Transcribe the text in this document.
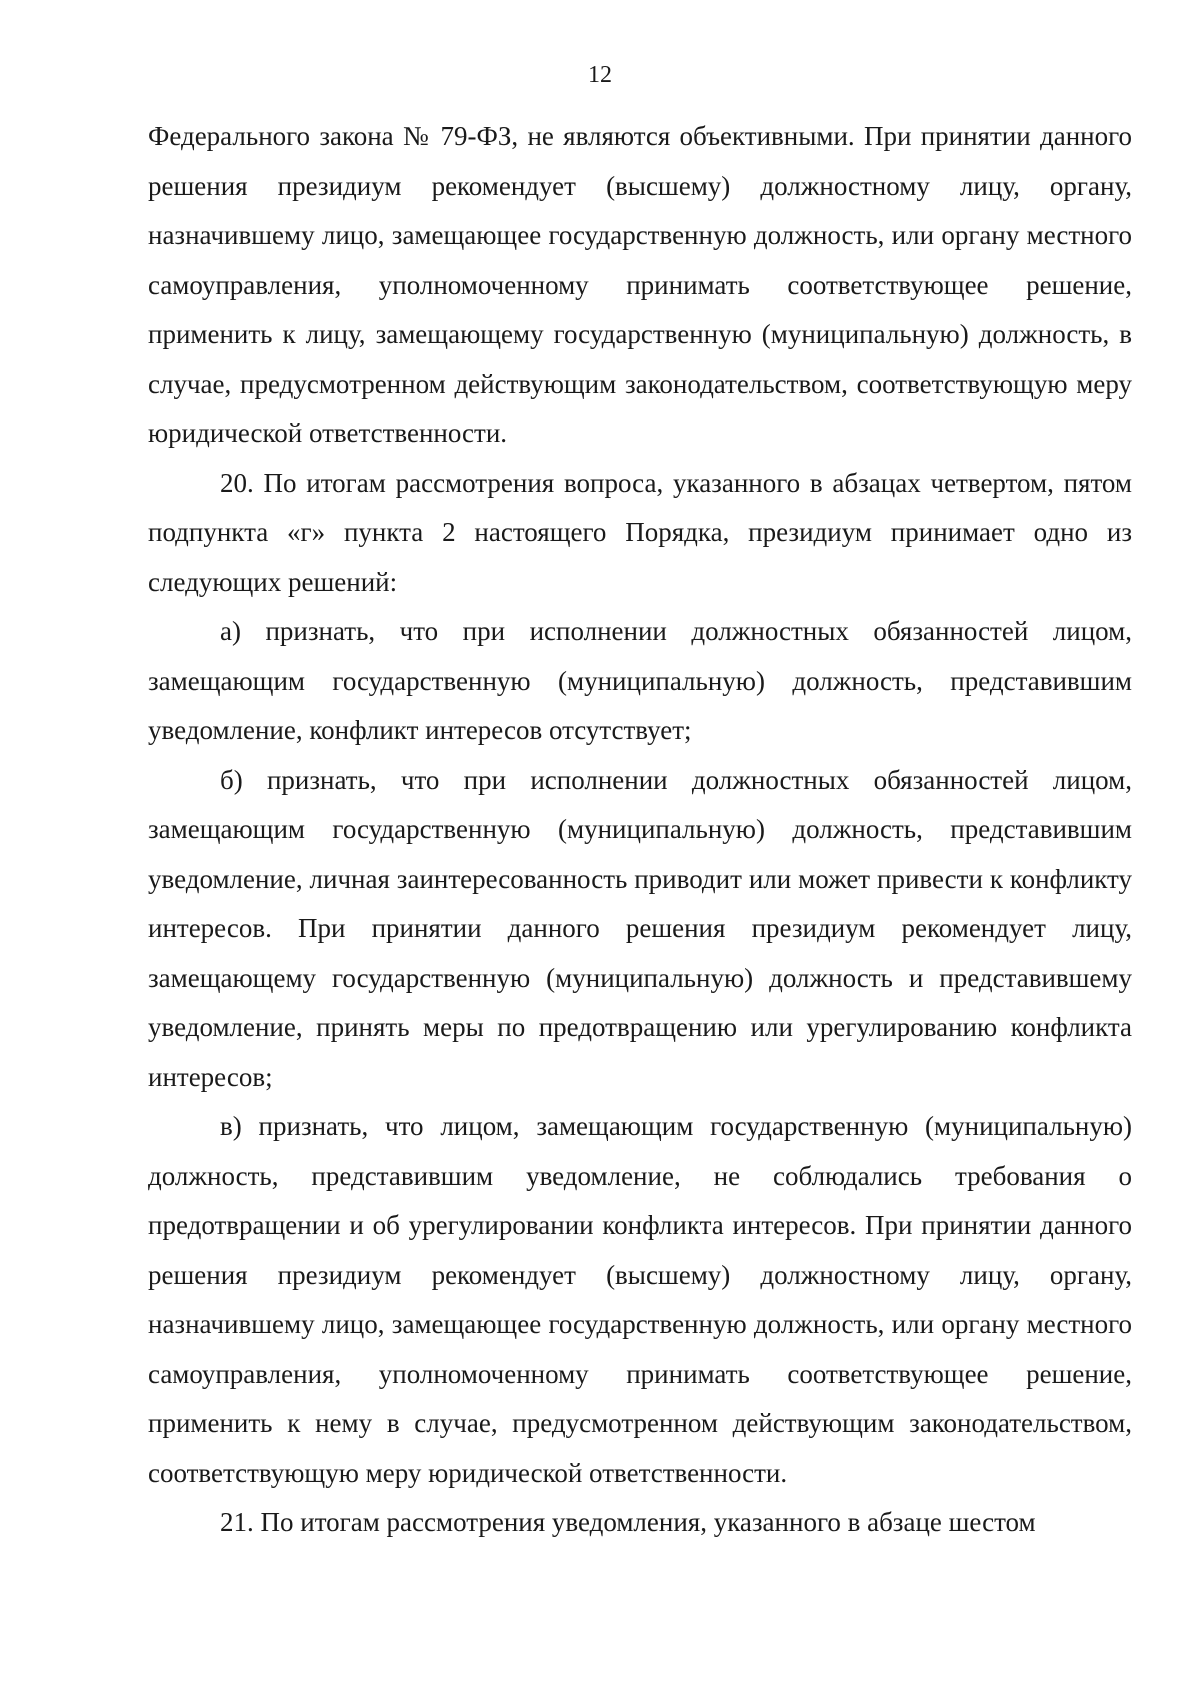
12

Федерального закона № 79-ФЗ, не являются объективными. При принятии данного решения президиум рекомендует (высшему) должностному лицу, органу, назначившему лицо, замещающее государственную должность, или органу местного самоуправления, уполномоченному принимать соответствующее решение, применить к лицу, замещающему государственную (муниципальную) должность, в случае, предусмотренном действующим законодательством, соответствующую меру юридической ответственности.

20. По итогам рассмотрения вопроса, указанного в абзацах четвертом, пятом подпункта «г» пункта 2 настоящего Порядка, президиум принимает одно из следующих решений:

а) признать, что при исполнении должностных обязанностей лицом, замещающим государственную (муниципальную) должность, представившим уведомление, конфликт интересов отсутствует;

б) признать, что при исполнении должностных обязанностей лицом, замещающим государственную (муниципальную) должность, представившим уведомление, личная заинтересованность приводит или может привести к конфликту интересов. При принятии данного решения президиум рекомендует лицу, замещающему государственную (муниципальную) должность и представившему уведомление, принять меры по предотвращению или урегулированию конфликта интересов;

в) признать, что лицом, замещающим государственную (муниципальную) должность, представившим уведомление, не соблюдались требования о предотвращении и об урегулировании конфликта интересов. При принятии данного решения президиум рекомендует (высшему) должностному лицу, органу, назначившему лицо, замещающее государственную должность, или органу местного самоуправления, уполномоченному принимать соответствующее решение, применить к нему в случае, предусмотренном действующим законодательством, соответствующую меру юридической ответственности.

21. По итогам рассмотрения уведомления, указанного в абзаце шестом
